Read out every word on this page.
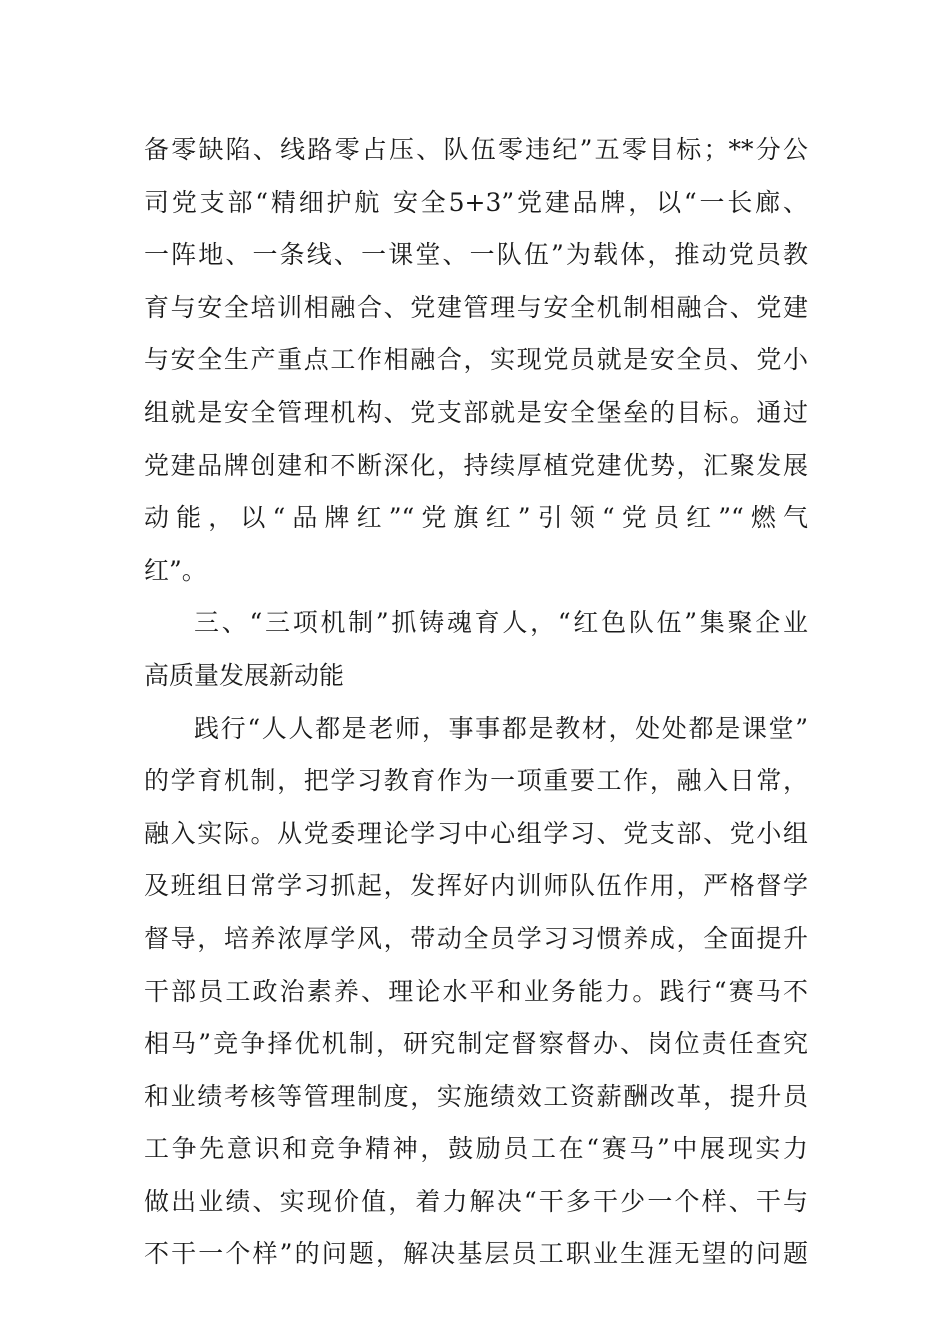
备零缺陷、线路零占压、队伍零违纪”五零目标；**分公
司党支部“精细护航 安全5+3”党建品牌，以“一长廊、
一阵地、一条线、一课堂、一队伍”为载体，推动党员教
育与安全培训相融合、党建管理与安全机制相融合、党建
与安全生产重点工作相融合，实现党员就是安全员、党小
组就是安全管理机构、党支部就是安全堡垒的目标。通过
党建品牌创建和不断深化，持续厚植党建优势，汇聚发展
动能，以“品牌红”“党旗红”引领“党员红”“燃气
红”。
三、“三项机制”抓铸魂育人，“红色队伍”集聚企业
高质量发展新动能
践行“人人都是老师，事事都是教材，处处都是课堂”
的学育机制，把学习教育作为一项重要工作，融入日常，
融入实际。从党委理论学习中心组学习、党支部、党小组
及班组日常学习抓起，发挥好内训师队伍作用，严格督学
督导，培养浓厚学风，带动全员学习习惯养成，全面提升
干部员工政治素养、理论水平和业务能力。践行“赛马不
相马”竞争择优机制，研究制定督察督办、岗位责任查究
和业绩考核等管理制度，实施绩效工资薪酬改革，提升员
工争先意识和竞争精神，鼓励员工在“赛马”中展现实力
做出业绩、实现价值，着力解决“干多干少一个样、干与
不干一个样”的问题，解决基层员工职业生涯无望的问题
